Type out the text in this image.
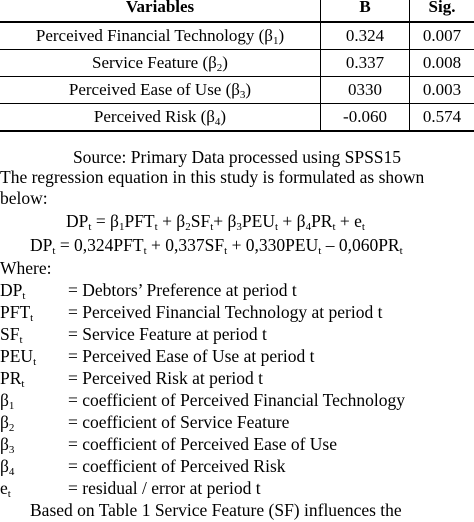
Variables	B	Sig.
Perceived Financial Technology $(\beta_1)$	0.324	0.007
Service Feature $(\beta_2)$	0.337	0.008
Perceived Ease of Use $(\beta_3)$	0330	0.003
Perceived Risk $(\beta_4)$	-0.060	0.574
Source: Primary Data processed using SPSS15
The regression equation in this study is formulated as shown
below:
$DP_t = \beta_1PFT_t + \beta_2SF_t+ \beta_3PEU_t + \beta_4PR_t + e_t$
$DP_t = 0,324PFT_t + 0,337SF_t + 0,330PEU_t - 0,060PR_t$
Where:
$DP_t$ = Debtors’ Preference at period t
$PFT_t$ = Perceived Financial Technology at period t
$SF_t$	= Service Feature at period t
$PEU_t$ = Perceived Ease of Use at period t
$PR_t$ = Perceived Risk at period t
$\beta_1$	= coefficient of Perceived Financial Technology
$\beta_2$	= coefficient of Service Feature
$\beta_3$	= coefficient of Perceived Ease of Use
$\beta_4$	= coefficient of Perceived Risk
$e_t$	= residual / error at period t
Based on Table 1 Service Feature (SF) influences the
